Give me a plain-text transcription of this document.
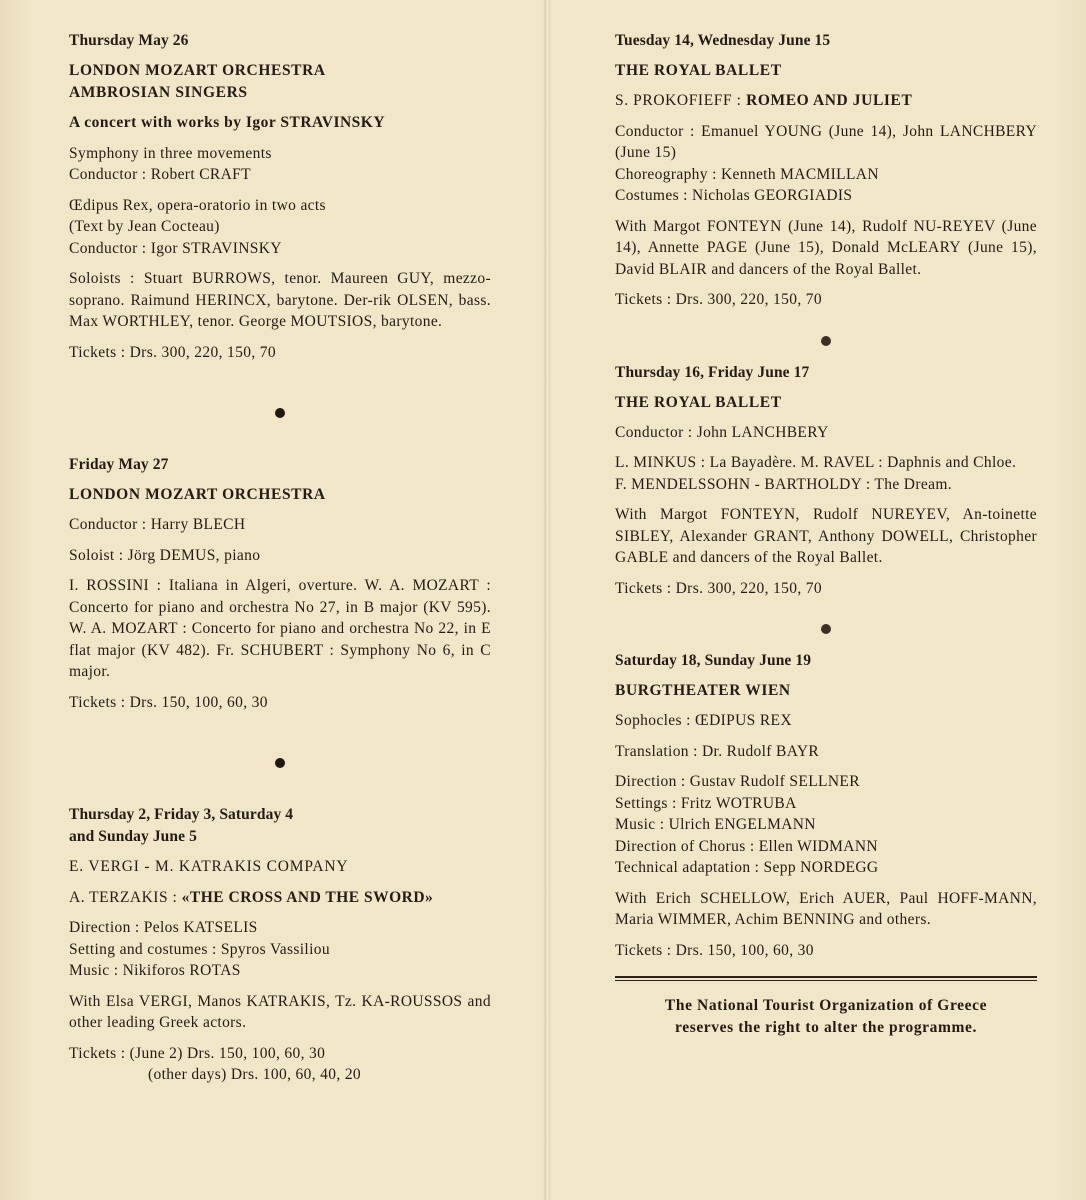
Thursday May 26
LONDON MOZART ORCHESTRA
AMBROSIAN SINGERS
A concert with works by Igor STRAVINSKY
Symphony in three movements
Conductor : Robert CRAFT
Œdipus Rex, opera-oratorio in two acts
(Text by Jean Cocteau)
Conductor : Igor STRAVINSKY
Soloists : Stuart BURROWS, tenor. Maureen GUY, mezzo-soprano. Raimund HERINCX, barytone. Der-rik OLSEN, bass. Max WORTHLEY, tenor. George MOUTSIOS, barytone.
Tickets : Drs. 300, 220, 150, 70
Friday May 27
LONDON MOZART ORCHESTRA
Conductor : Harry BLECH
Soloist : Jörg DEMUS, piano
I. ROSSINI : Italiana in Algeri, overture. W. A. MOZART : Concerto for piano and orchestra No 27, in B major (KV 595). W. A. MOZART : Concerto for piano and orchestra No 22, in E flat major (KV 482). Fr. SCHUBERT : Symphony No 6, in C major.
Tickets : Drs. 150, 100, 60, 30
Thursday 2, Friday 3, Saturday 4
and Sunday June 5
E. VERGI - M. KATRAKIS COMPANY
A. TERZAKIS : «THE CROSS AND THE SWORD»
Direction : Pelos KATSELIS
Setting and costumes : Spyros Vassiliou
Music : Nikiforos ROTAS
With Elsa VERGI, Manos KATRAKIS, Tz. KA-ROUSSOS and other leading Greek actors.
Tickets : (June 2) Drs. 150, 100, 60, 30
(other days) Drs. 100, 60, 40, 20
Tuesday 14, Wednesday June 15
THE ROYAL BALLET
S. PROKOFIEFF : ROMEO AND JULIET
Conductor : Emanuel YOUNG (June 14), John LANCHBERY (June 15)
Choreography : Kenneth MACMILLAN
Costumes : Nicholas GEORGIADIS
With Margot FONTEYN (June 14), Rudolf NU-REYEV (June 14), Annette PAGE (June 15), Donald McLEARY (June 15), David BLAIR and dancers of the Royal Ballet.
Tickets : Drs. 300, 220, 150, 70
Thursday 16, Friday June 17
THE ROYAL BALLET
Conductor : John LANCHBERY
L. MINKUS : La Bayadère. M. RAVEL : Daphnis and Chloe.
F. MENDELSSOHN - BARTHOLDY : The Dream.
With Margot FONTEYN, Rudolf NUREYEV, An-toinette SIBLEY, Alexander GRANT, Anthony DOWELL, Christopher GABLE and dancers of the Royal Ballet.
Tickets : Drs. 300, 220, 150, 70
Saturday 18, Sunday June 19
BURGTHEATER WIEN
Sophocles : ŒDIPUS REX
Translation : Dr. Rudolf BAYR
Direction : Gustav Rudolf SELLNER
Settings : Fritz WOTRUBA
Music : Ulrich ENGELMANN
Direction of Chorus : Ellen WIDMANN
Technical adaptation : Sepp NORDEGG
With Erich SCHELLOW, Erich AUER, Paul HOFF-MANN, Maria WIMMER, Achim BENNING and others.
Tickets : Drs. 150, 100, 60, 30
The National Tourist Organization of Greece
reserves the right to alter the programme.
